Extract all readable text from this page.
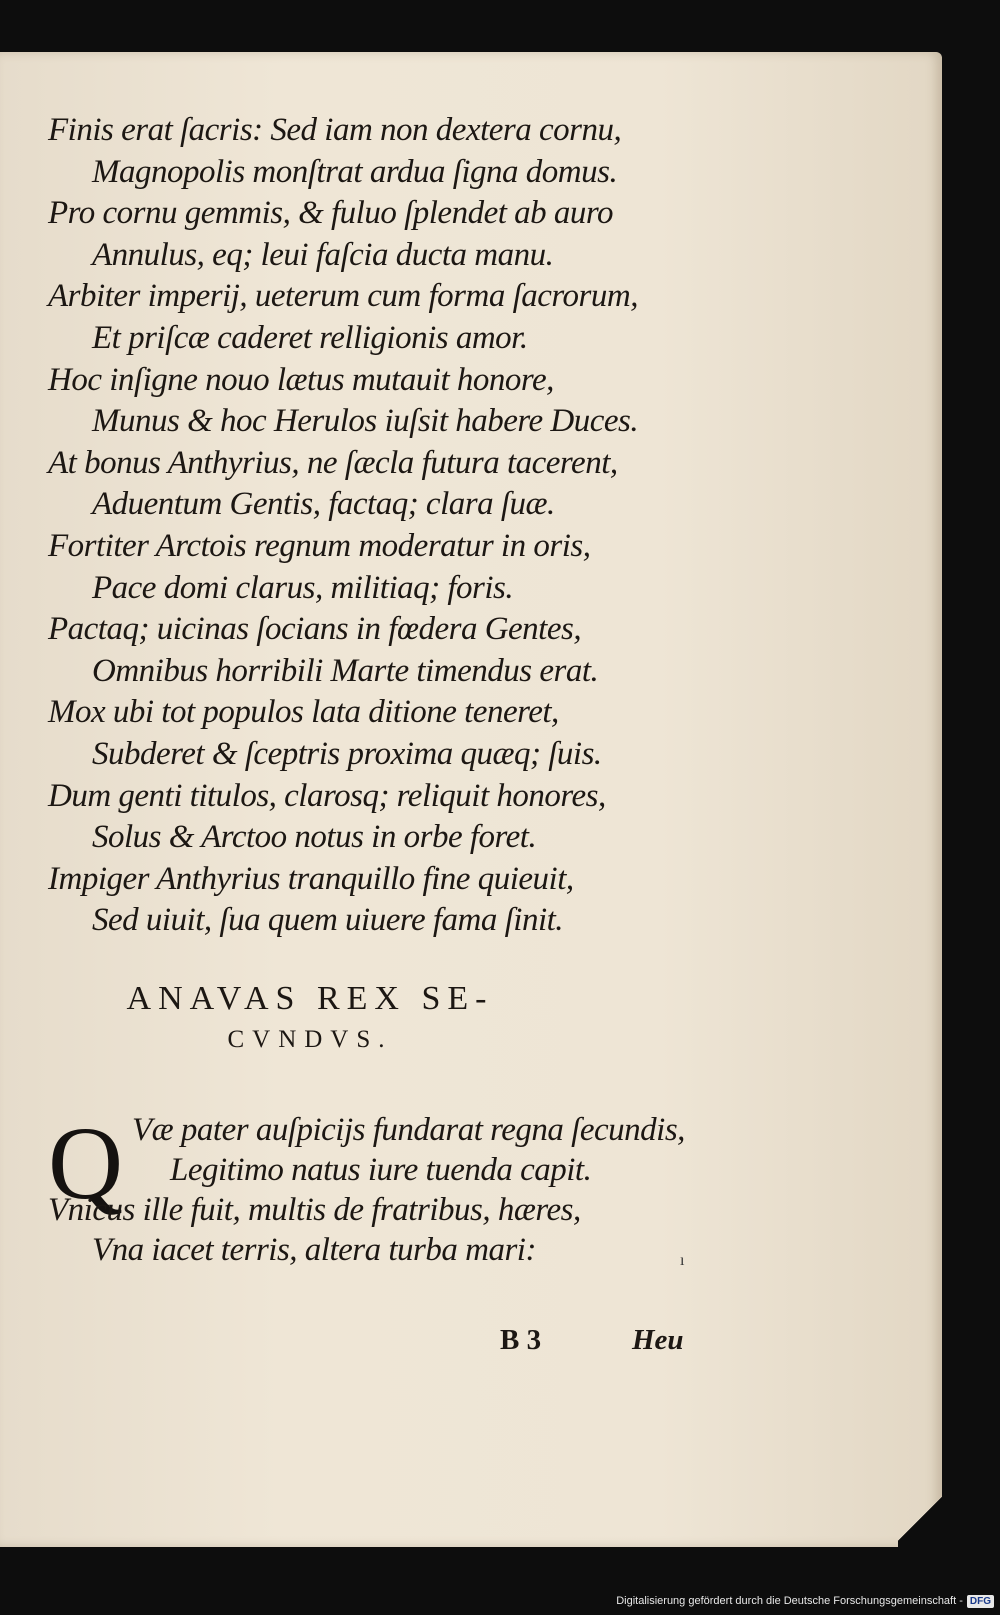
Finis erat ſacris: Sed iam non dextera cornu,
Magnopolis monſtrat ardua ſigna domus.
Pro cornu gemmis, & fuluo ſplendet ab auro
Annulus, eq; leui faſcia ducta manu.
Arbiter imperij, ueterum cum forma ſacrorum,
Et priſcæ caderet relligionis amor.
Hoc inſigne nouo lætus mutauit honore,
Munus & hoc Herulos iuſsit habere Duces.
At bonus Anthyrius, ne ſæcla futura tacerent,
Aduentum Gentis, factaq; clara ſuæ.
Fortiter Arctois regnum moderatur in oris,
Pace domi clarus, militiaq; foris.
Pactaq; uicinas ſocians in fœdera Gentes,
Omnibus horribili Marte timendus erat.
Mox ubi tot populos lata ditione teneret,
Subderet & ſceptris proxima quæq; ſuis.
Dum genti titulos, clarosq; reliquit honores,
Solus & Arctoo notus in orbe foret.
Impiger Anthyrius tranquillo fine quieuit,
Sed uiuit, ſua quem uiuere fama ſinit.
ANAVAS REX SE-
CVNDVS.
Q Væ pater auſpicijs fundarat regna ſecundis,
Legitimo natus iure tuenda capit.
Vnicus ille fuit, multis de fratribus, hæres,
Vna iacet terris, altera turba mari:	ı
B 3	Heu
Digitalisierung gefördert durch die Deutsche Forschungsgemeinschaft - DFG
